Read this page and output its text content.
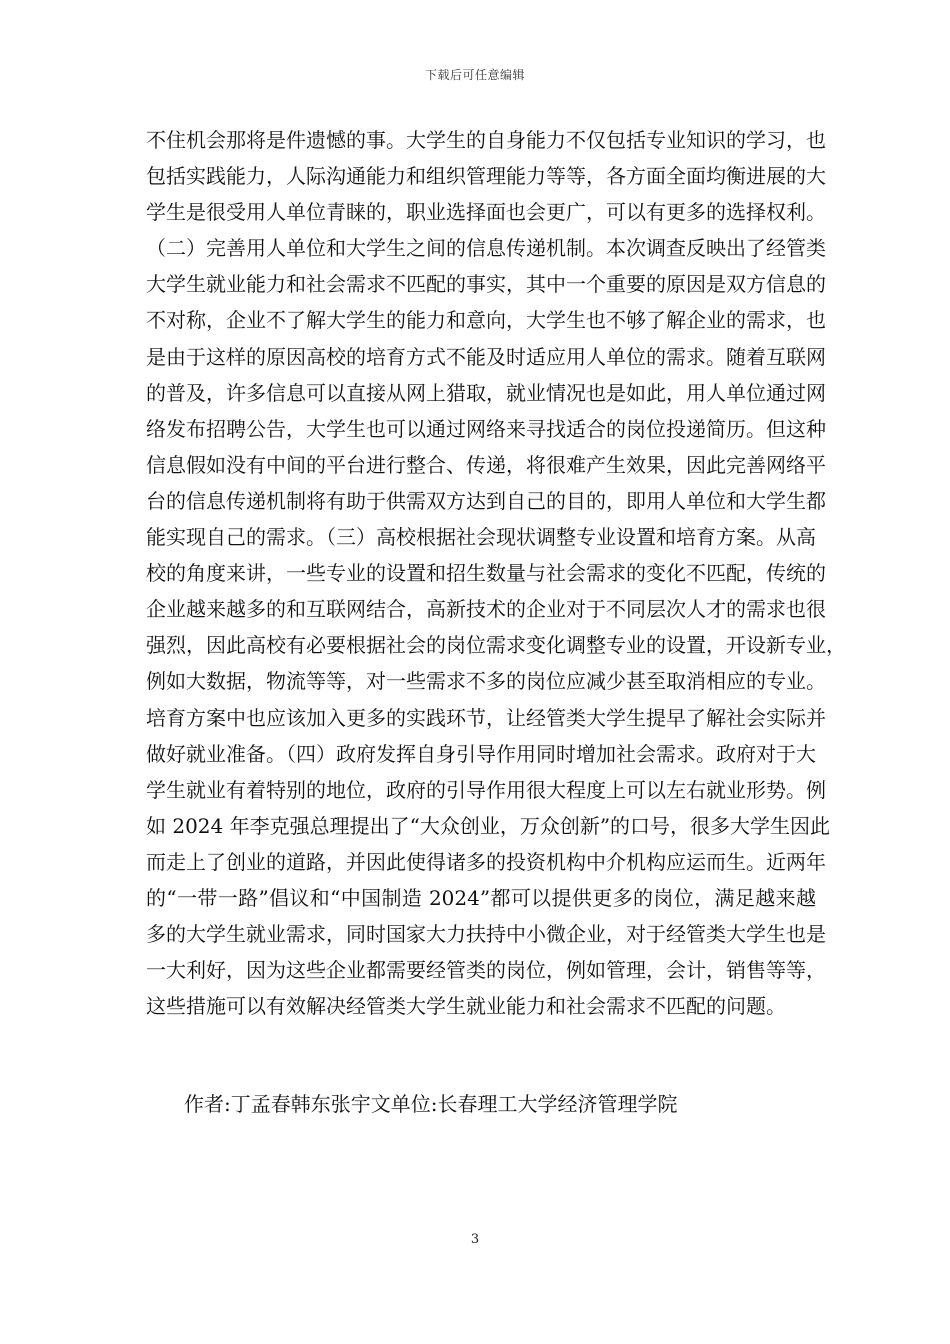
下载后可任意编辑
不住机会那将是件遗憾的事。大学生的自身能力不仅包括专业知识的学习，也
包括实践能力，人际沟通能力和组织管理能力等等，各方面全面均衡进展的大
学生是很受用人单位青睐的，职业选择面也会更广，可以有更多的选择权利。
（二）完善用人单位和大学生之间的信息传递机制。本次调查反映出了经管类
大学生就业能力和社会需求不匹配的事实，其中一个重要的原因是双方信息的
不对称，企业不了解大学生的能力和意向，大学生也不够了解企业的需求，也
是由于这样的原因高校的培育方式不能及时适应用人单位的需求。随着互联网
的普及，许多信息可以直接从网上猎取，就业情况也是如此，用人单位通过网
络发布招聘公告，大学生也可以通过网络来寻找适合的岗位投递简历。但这种
信息假如没有中间的平台进行整合、传递，将很难产生效果，因此完善网络平
台的信息传递机制将有助于供需双方达到自己的目的，即用人单位和大学生都
能实现自己的需求。（三）高校根据社会现状调整专业设置和培育方案。从高
校的角度来讲，一些专业的设置和招生数量与社会需求的变化不匹配，传统的
企业越来越多的和互联网结合，高新技术的企业对于不同层次人才的需求也很
强烈，因此高校有必要根据社会的岗位需求变化调整专业的设置，开设新专业，
例如大数据，物流等等，对一些需求不多的岗位应减少甚至取消相应的专业。
培育方案中也应该加入更多的实践环节，让经管类大学生提早了解社会实际并
做好就业准备。（四）政府发挥自身引导作用同时增加社会需求。政府对于大
学生就业有着特别的地位，政府的引导作用很大程度上可以左右就业形势。例
如 2024 年李克强总理提出了“大众创业，万众创新”的口号，很多大学生因此
而走上了创业的道路，并因此使得诸多的投资机构中介机构应运而生。近两年
的“一带一路”倡议和“中国制造 2024”都可以提供更多的岗位，满足越来越
多的大学生就业需求，同时国家大力扶持中小微企业，对于经管类大学生也是
一大利好，因为这些企业都需要经管类的岗位，例如管理，会计，销售等等，
这些措施可以有效解决经管类大学生就业能力和社会需求不匹配的问题。
作者:丁孟春韩东张宇文单位:长春理工大学经济管理学院
3
